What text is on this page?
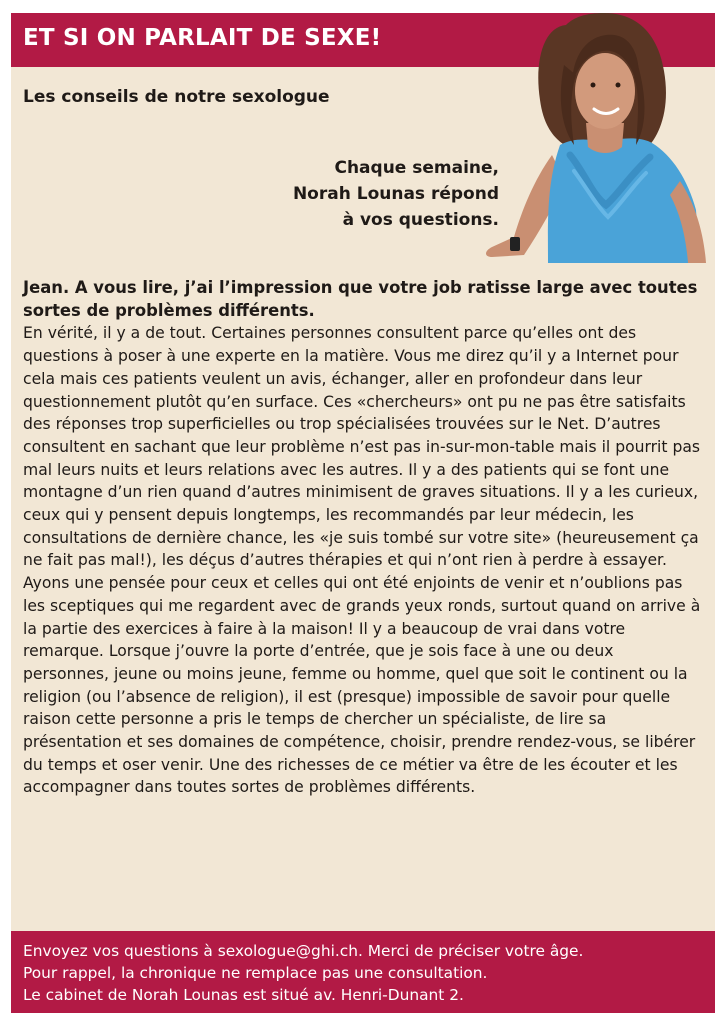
ET SI ON PARLAIT DE SEXE!
Les conseils de notre sexologue
Chaque semaine,
Norah Lounas répond
à vos questions.

Jean. A vous lire, j’ai l’impression que votre job ratisse large avec toutes sortes de problèmes différents.

En vérité, il y a de tout. Certaines personnes consultent parce qu’elles ont des questions à poser à une experte en la matière. Vous me direz qu’il y a Internet pour cela mais ces patients veulent un avis, échanger, aller en profondeur dans leur questionnement plutôt qu’en surface. Ces «chercheurs» ont pu ne pas être satisfaits des réponses trop superficielles ou trop spécialisées trouvées sur le Net. D’autres consultent en sachant que leur problème n’est pas in-sur-mon-table mais il pourrit pas mal leurs nuits et leurs relations avec les autres. Il y a des patients qui se font une montagne d’un rien quand d’autres minimisent de graves situations. Il y a les curieux, ceux qui y pensent depuis longtemps, les recommandés par leur médecin, les consultations de dernière chance, les «je suis tombé sur votre site» (heureusement ça ne fait pas mal!), les déçus d’autres thérapies et qui n’ont rien à perdre à essayer. Ayons une pensée pour ceux et celles qui ont été enjoints de venir et n’oublions pas les sceptiques qui me regardent avec de grands yeux ronds, surtout quand on arrive à la partie des exercices à faire à la maison! Il y a beaucoup de vrai dans votre remarque. Lorsque j’ouvre la porte d’entrée, que je sois face à une ou deux personnes, jeune ou moins jeune, femme ou homme, quel que soit le continent ou la religion (ou l’absence de religion), il est (presque) impossible de savoir pour quelle raison cette personne a pris le temps de chercher un spécialiste, de lire sa présentation et ses domaines de compétence, choisir, prendre rendez-vous, se libérer du temps et oser venir. Une des richesses de ce métier va être de les écouter et les accompagner dans toutes sortes de problèmes différents.

Envoyez vos questions à sexologue@ghi.ch. Merci de préciser votre âge.
Pour rappel, la chronique ne remplace pas une consultation.
Le cabinet de Norah Lounas est situé av. Henri-Dunant 2.
